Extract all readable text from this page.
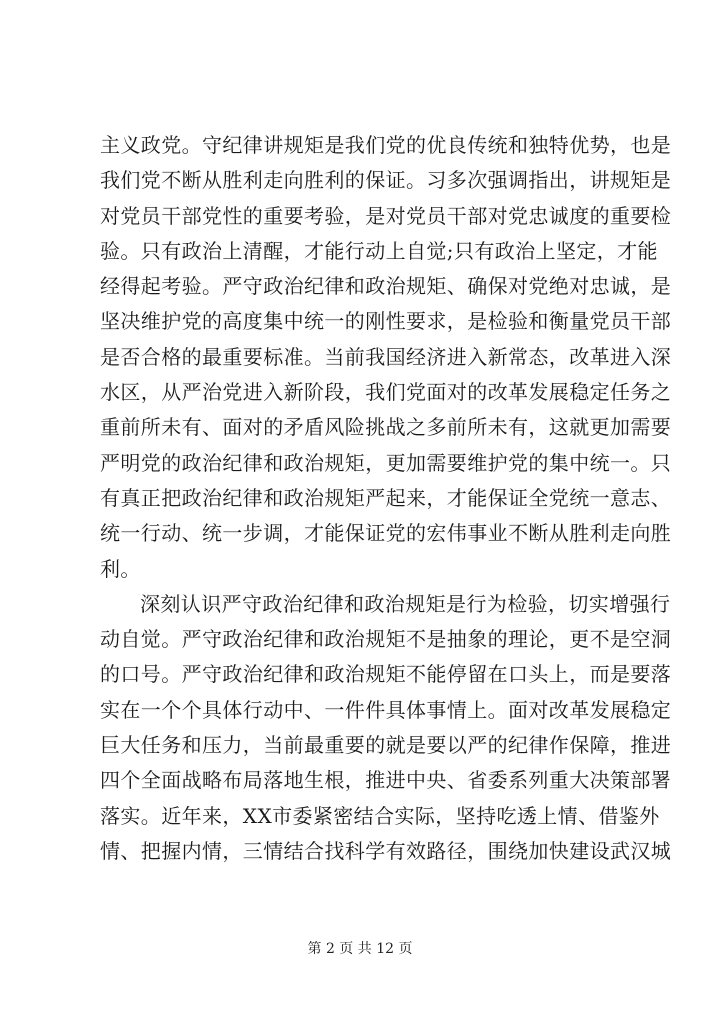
主义政党。守纪律讲规矩是我们党的优良传统和独特优势，也是
我们党不断从胜利走向胜利的保证。习多次强调指出，讲规矩是
对党员干部党性的重要考验，是对党员干部对党忠诚度的重要检
验。只有政治上清醒，才能行动上自觉;只有政治上坚定，才能
经得起考验。严守政治纪律和政治规矩、确保对党绝对忠诚，是
坚决维护党的高度集中统一的刚性要求，是检验和衡量党员干部
是否合格的最重要标准。当前我国经济进入新常态，改革进入深
水区，从严治党进入新阶段，我们党面对的改革发展稳定任务之
重前所未有、面对的矛盾风险挑战之多前所未有，这就更加需要
严明党的政治纪律和政治规矩，更加需要维护党的集中统一。只
有真正把政治纪律和政治规矩严起来，才能保证全党统一意志、
统一行动、统一步调，才能保证党的宏伟事业不断从胜利走向胜
利。
深刻认识严守政治纪律和政治规矩是行为检验，切实增强行
动自觉。严守政治纪律和政治规矩不是抽象的理论，更不是空洞
的口号。严守政治纪律和政治规矩不能停留在口头上，而是要落
实在一个个具体行动中、一件件具体事情上。面对改革发展稳定
巨大任务和压力，当前最重要的就是要以严的纪律作保障，推进
四个全面战略布局落地生根，推进中央、省委系列重大决策部署
落实。近年来，XX市委紧密结合实际，坚持吃透上情、借鉴外
情、把握内情，三情结合找科学有效路径，围绕加快建设武汉城
第 2 页 共 12 页
